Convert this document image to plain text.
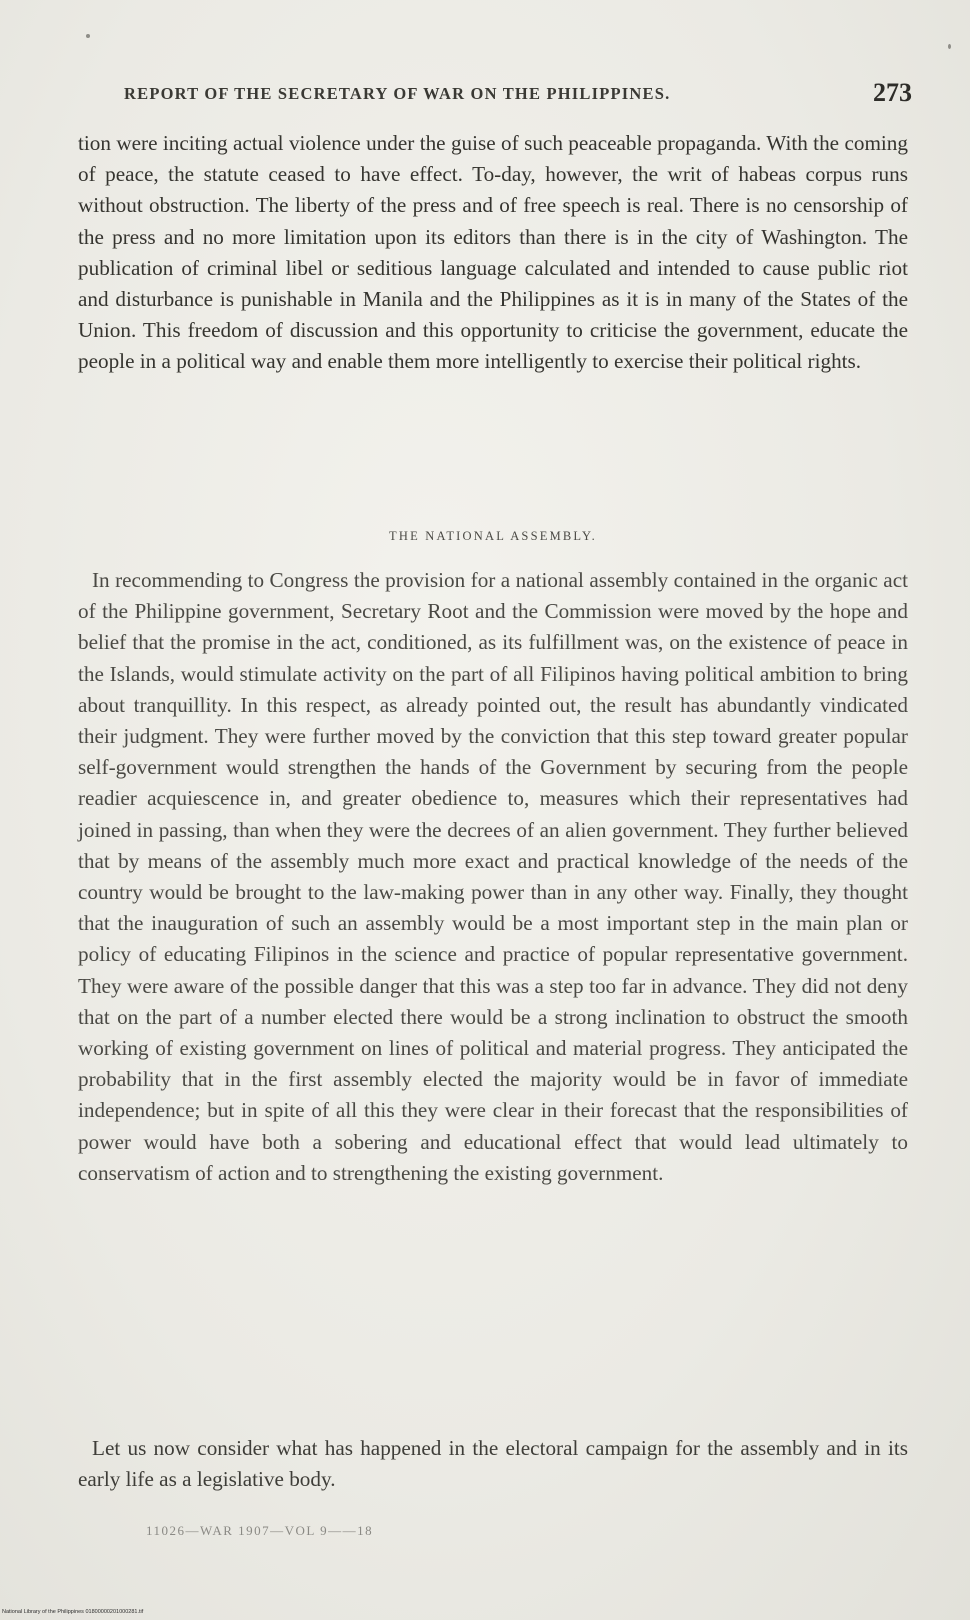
REPORT OF THE SECRETARY OF WAR ON THE PHILIPPINES.	273

tion were inciting actual violence under the guise of such peaceable propaganda. With the coming of peace, the statute ceased to have effect. To-day, however, the writ of habeas corpus runs without obstruction. The liberty of the press and of free speech is real. There is no censorship of the press and no more limitation upon its editors than there is in the city of Washington. The publication of criminal libel or seditious language calculated and intended to cause public riot and disturbance is punishable in Manila and the Philippines as it is in many of the States of the Union. This freedom of discussion and this opportunity to criticise the government, educate the people in a political way and enable them more intelligently to exercise their political rights.

THE NATIONAL ASSEMBLY.

In recommending to Congress the provision for a national assembly contained in the organic act of the Philippine government, Secretary Root and the Commission were moved by the hope and belief that the promise in the act, conditioned, as its fulfillment was, on the existence of peace in the Islands, would stimulate activity on the part of all Filipinos having political ambition to bring about tranquillity. In this respect, as already pointed out, the result has abundantly vindicated their judgment. They were further moved by the conviction that this step toward greater popular self-government would strengthen the hands of the Government by securing from the people readier acquiescence in, and greater obedience to, measures which their representatives had joined in passing, than when they were the decrees of an alien government. They further believed that by means of the assembly much more exact and practical knowledge of the needs of the country would be brought to the law-making power than in any other way. Finally, they thought that the inauguration of such an assembly would be a most important step in the main plan or policy of educating Filipinos in the science and practice of popular representative government. They were aware of the possible danger that this was a step too far in advance. They did not deny that on the part of a number elected there would be a strong inclination to obstruct the smooth working of existing government on lines of political and material progress. They anticipated the probability that in the first assembly elected the majority would be in favor of immediate independence; but in spite of all this they were clear in their forecast that the responsibilities of power would have both a sobering and educational effect that would lead ultimately to conservatism of action and to strengthening the existing government.

Let us now consider what has happened in the electoral campaign for the assembly and in its early life as a legislative body.

11026—WAR 1907—VOL 9——18
National Library of the Philippines 01800000201000281.tif
